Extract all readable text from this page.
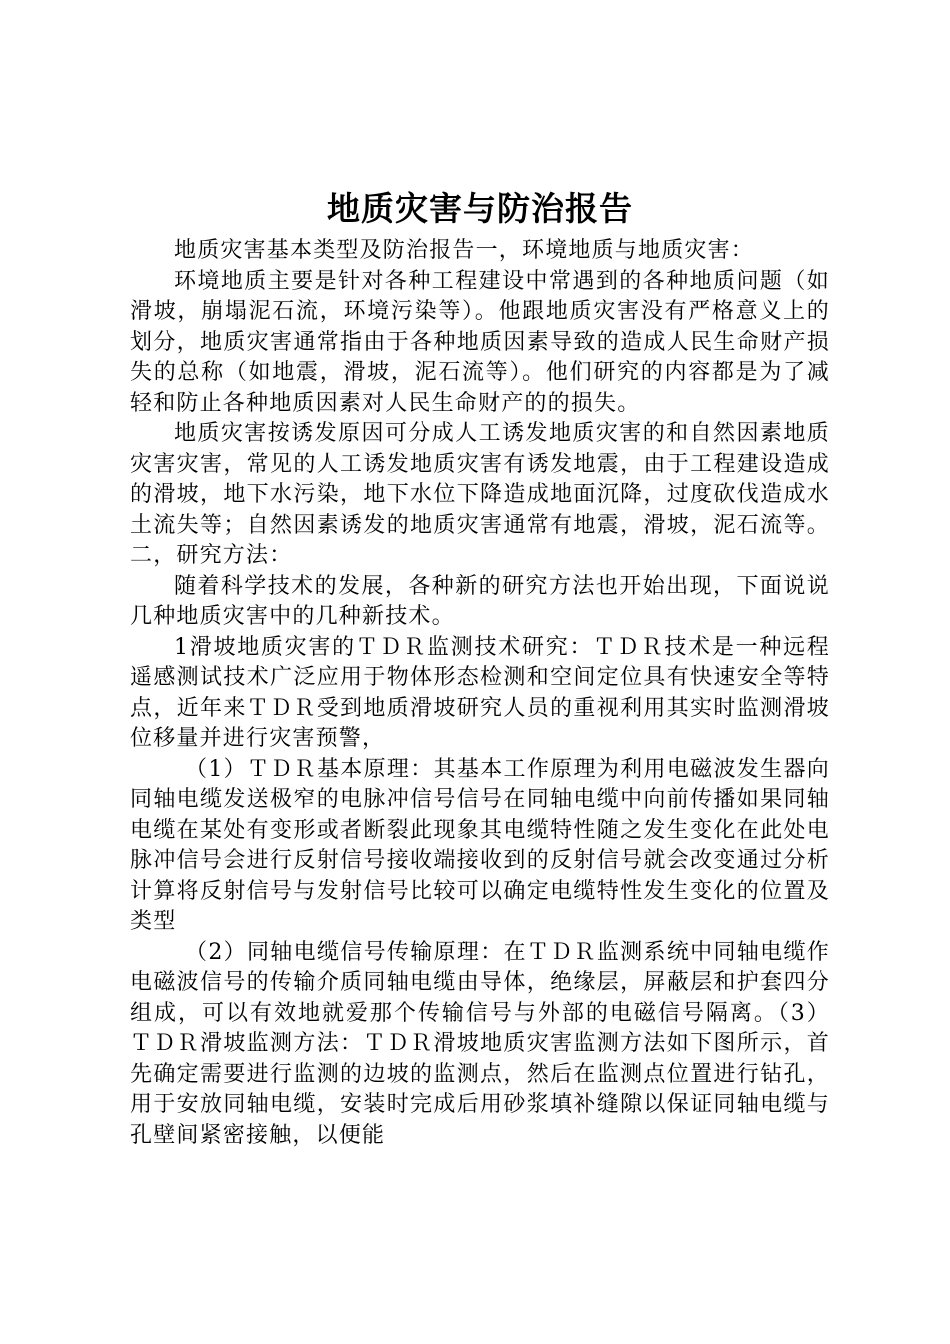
地质灾害与防治报告

地质灾害基本类型及防治报告一，环境地质与地质灾害：

环境地质主要是针对各种工程建设中常遇到的各种地质问题（如滑坡，崩塌泥石流，环境污染等）。他跟地质灾害没有严格意义上的划分，地质灾害通常指由于各种地质因素导致的造成人民生命财产损失的总称（如地震，滑坡，泥石流等）。他们研究的内容都是为了减轻和防止各种地质因素对人民生命财产的的损失。

地质灾害按诱发原因可分成人工诱发地质灾害的和自然因素地质灾害灾害，常见的人工诱发地质灾害有诱发地震，由于工程建设造成的滑坡，地下水污染，地下水位下降造成地面沉降，过度砍伐造成水土流失等；自然因素诱发的地质灾害通常有地震，滑坡，泥石流等。二，研究方法：

随着科学技术的发展，各种新的研究方法也开始出现，下面说说几种地质灾害中的几种新技术。

1滑坡地质灾害的ＴＤＲ监测技术研究：ＴＤＲ技术是一种远程遥感测试技术广泛应用于物体形态检测和空间定位具有快速安全等特点，近年来ＴＤＲ受到地质滑坡研究人员的重视利用其实时监测滑坡位移量并进行灾害预警，

（1）ＴＤＲ基本原理：其基本工作原理为利用电磁波发生器向同轴电缆发送极窄的电脉冲信号信号在同轴电缆中向前传播如果同轴电缆在某处有变形或者断裂此现象其电缆特性随之发生变化在此处电脉冲信号会进行反射信号接收端接收到的反射信号就会改变通过分析计算将反射信号与发射信号比较可以确定电缆特性发生变化的位置及类型

（2）同轴电缆信号传输原理：在ＴＤＲ监测系统中同轴电缆作电磁波信号的传输介质同轴电缆由导体，绝缘层，屏蔽层和护套四分组成，可以有效地就爱那个传输信号与外部的电磁信号隔离。（3）ＴＤＲ滑坡监测方法：ＴＤＲ滑坡地质灾害监测方法如下图所示，首先确定需要进行监测的边坡的监测点，然后在监测点位置进行钻孔，用于安放同轴电缆，安装时完成后用砂浆填补缝隙以保证同轴电缆与孔壁间紧密接触，以便能
